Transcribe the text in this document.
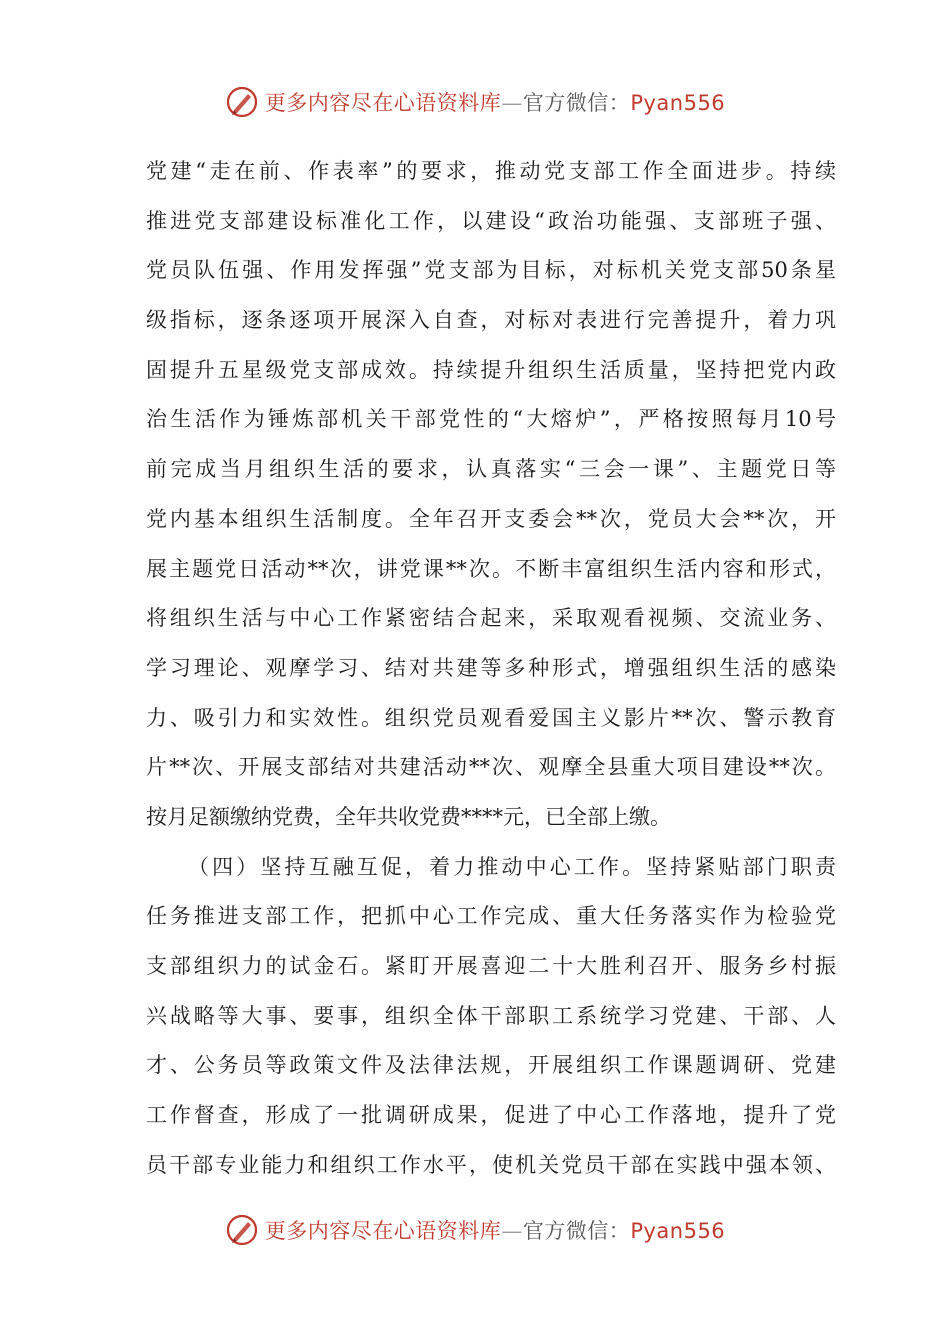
更多内容尽在心语资料库—官方微信：Pyan556
党建“走在前、作表率”的要求，推动党支部工作全面进步。持续
推进党支部建设标准化工作，以建设“政治功能强、支部班子强、
党员队伍强、作用发挥强”党支部为目标，对标机关党支部50条星
级指标，逐条逐项开展深入自查，对标对表进行完善提升，着力巩
固提升五星级党支部成效。持续提升组织生活质量，坚持把党内政
治生活作为锤炼部机关干部党性的“大熔炉”，严格按照每月10号
前完成当月组织生活的要求，认真落实“三会一课”、主题党日等
党内基本组织生活制度。全年召开支委会**次，党员大会**次，开
展主题党日活动**次，讲党课**次。不断丰富组织生活内容和形式，
将组织生活与中心工作紧密结合起来，采取观看视频、交流业务、
学习理论、观摩学习、结对共建等多种形式，增强组织生活的感染
力、吸引力和实效性。组织党员观看爱国主义影片**次、警示教育
片**次、开展支部结对共建活动**次、观摩全县重大项目建设**次。
按月足额缴纳党费，全年共收党费****元，已全部上缴。
（四）坚持互融互促，着力推动中心工作。坚持紧贴部门职责
任务推进支部工作，把抓中心工作完成、重大任务落实作为检验党
支部组织力的试金石。紧盯开展喜迎二十大胜利召开、服务乡村振
兴战略等大事、要事，组织全体干部职工系统学习党建、干部、人
才、公务员等政策文件及法律法规，开展组织工作课题调研、党建
工作督查，形成了一批调研成果，促进了中心工作落地，提升了党
员干部专业能力和组织工作水平，使机关党员干部在实践中强本领、
更多内容尽在心语资料库—官方微信：Pyan556
